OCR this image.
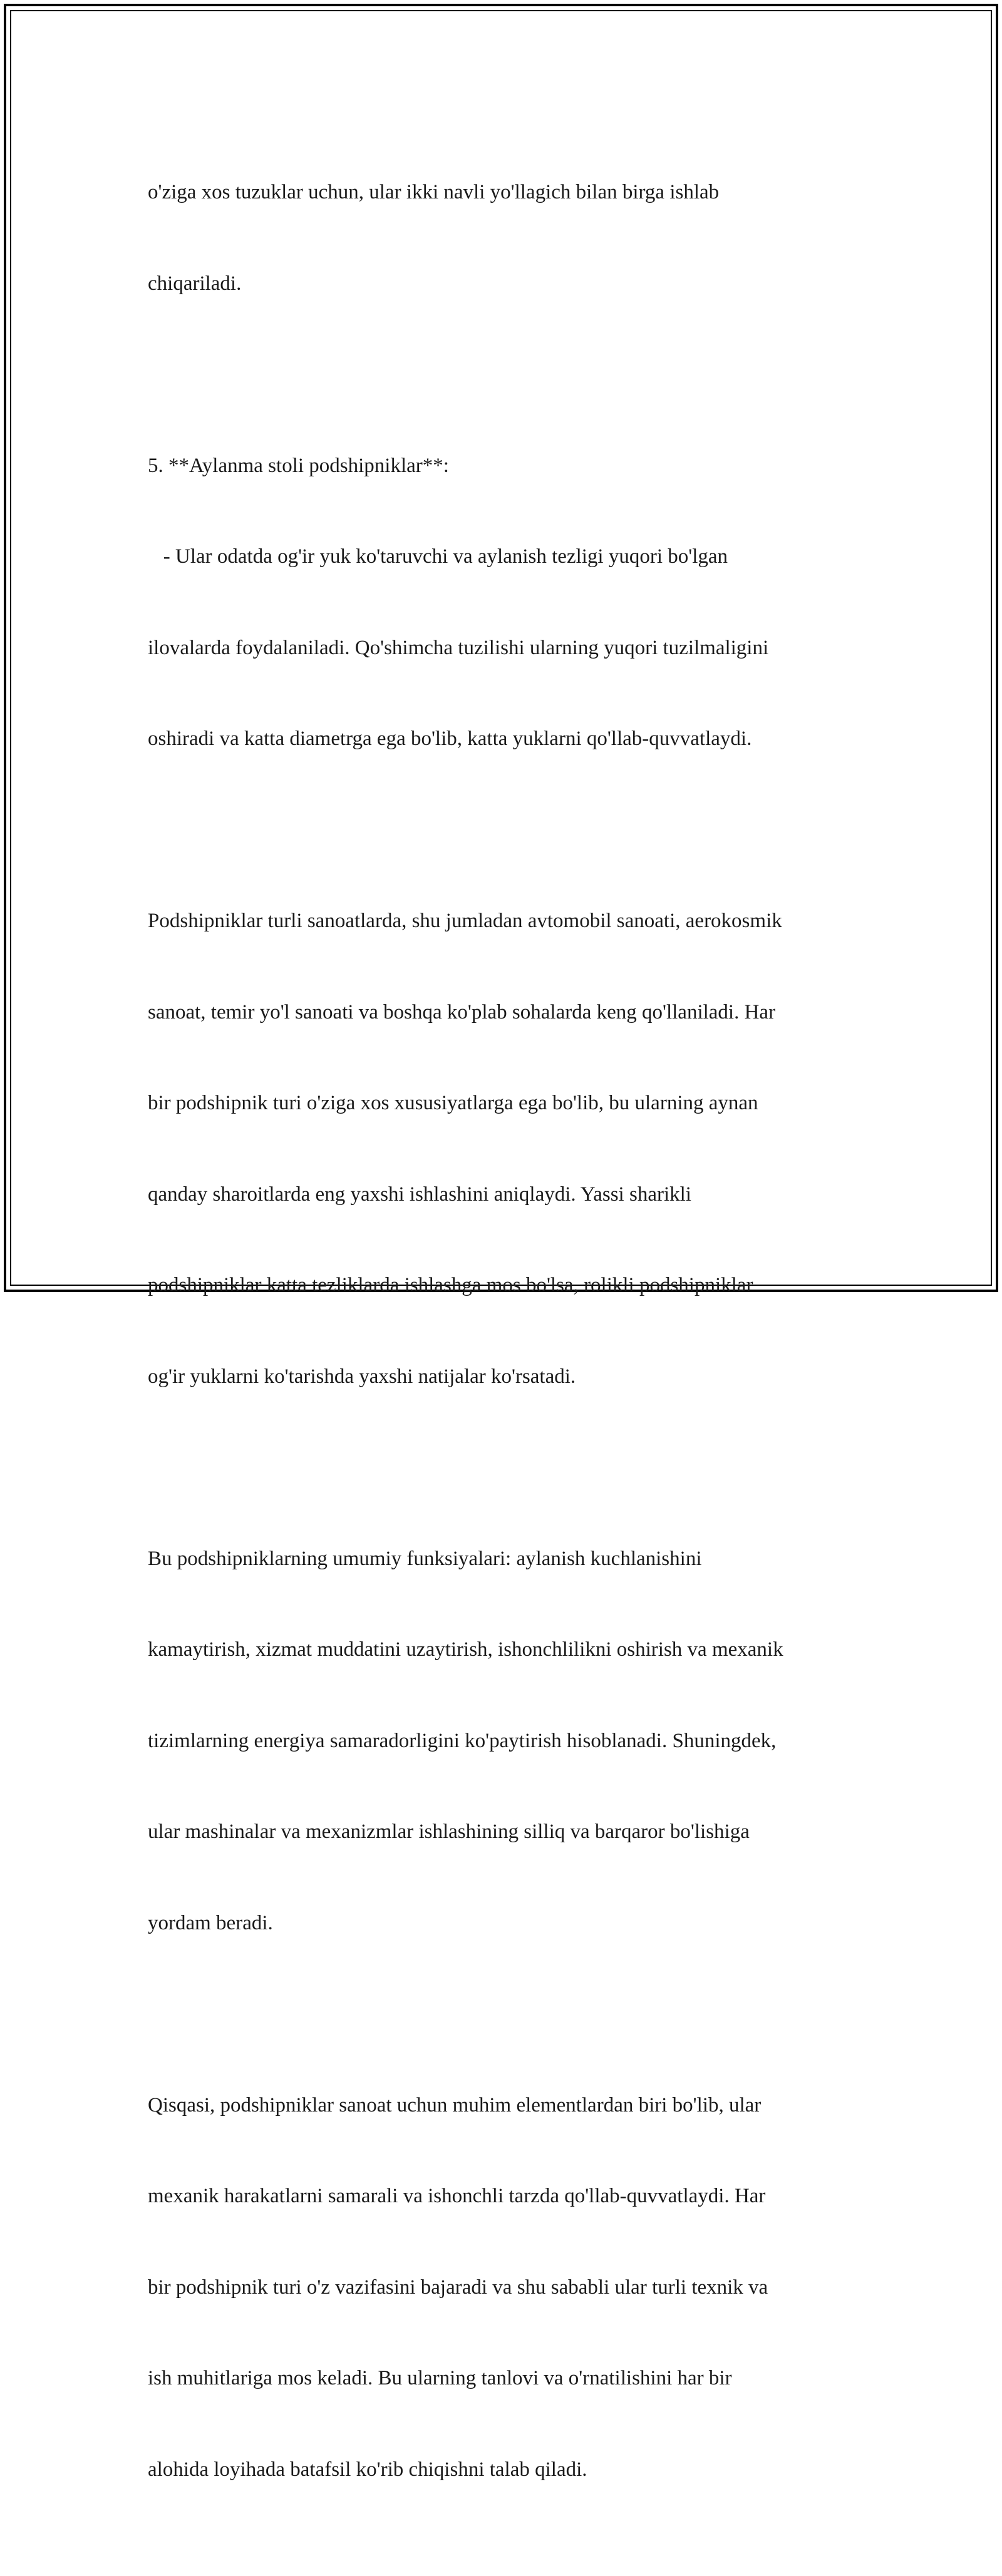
o'ziga xos tuzuklar uchun, ular ikki navli yo'llagich bilan birga ishlab

chiqariladi.

5. **Aylanma stoli podshipniklar**:

- Ular odatda og'ir yuk ko'taruvchi va aylanish tezligi yuqori bo'lgan

ilovalarda foydalaniladi. Qo'shimcha tuzilishi ularning yuqori tuzilmaligini

oshiradi va katta diametrga ega bo'lib, katta yuklarni qo'llab-quvvatlaydi.

Podshipniklar turli sanoatlarda, shu jumladan avtomobil sanoati, aerokosmik

sanoat, temir yo'l sanoati va boshqa ko'plab sohalarda keng qo'llaniladi. Har

bir podshipnik turi o'ziga xos xususiyatlarga ega bo'lib, bu ularning aynan

qanday sharoitlarda eng yaxshi ishlashini aniqlaydi. Yassi sharikli

podshipniklar katta tezliklarda ishlashga mos bo'lsa, rolikli podshipniklar

og'ir yuklarni ko'tarishda yaxshi natijalar ko'rsatadi.

Bu podshipniklarning umumiy funksiyalari: aylanish kuchlanishini

kamaytirish, xizmat muddatini uzaytirish, ishonchlilikni oshirish va mexanik

tizimlarning energiya samaradorligini ko'paytirish hisoblanadi. Shuningdek,

ular mashinalar va mexanizmlar ishlashining silliq va barqaror bo'lishiga

yordam beradi.

Qisqasi, podshipniklar sanoat uchun muhim elementlardan biri bo'lib, ular

mexanik harakatlarni samarali va ishonchli tarzda qo'llab-quvvatlaydi. Har

bir podshipnik turi o'z vazifasini bajaradi va shu sababli ular turli texnik va

ish muhitlariga mos keladi. Bu ularning tanlovi va o'rnatilishini har bir

alohida loyihada batafsil ko'rib chiqishni talab qiladi.
